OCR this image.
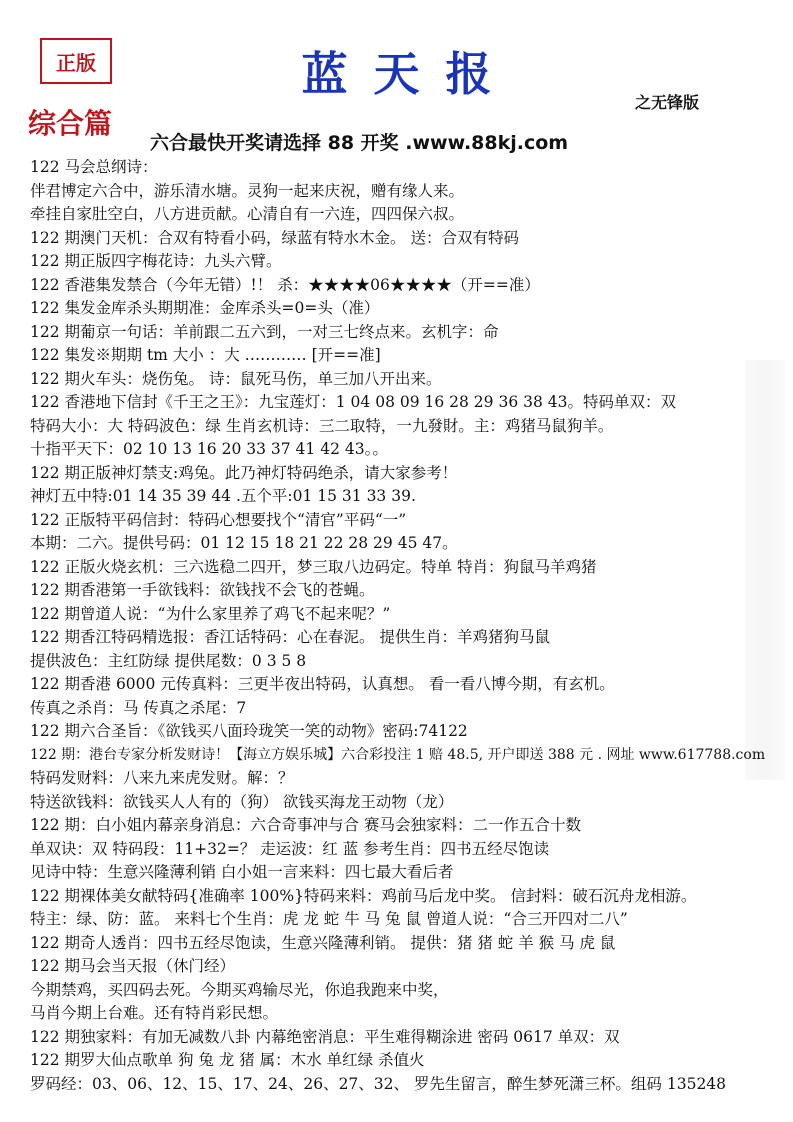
正版	蓝天报
之无锋版
综合篇
六合最快开奖请选择 88 开奖 .www.88kj.com
122 马会总纲诗：
伴君博定六合中，游乐清水塘。灵狗一起来庆祝，赠有缘人来。
牵挂自家肚空白，八方进贡献。心清自有一六连，四四保六叔。
122 期澳门天机：合双有特看小码，绿蓝有特水木金。 送：合双有特码
122 期正版四字梅花诗：九头六臂。
122 香港集发禁合（今年无错）!！ 杀：★★★★06★★★★（开==准）
122 集发金库杀头期期准：金库杀头=0=头（准）
122 期葡京一句话：羊前跟二五六到，一对三七终点来。玄机字：命
122 集发※期期 tm 大小 ：大 ………… [开==准]
122 期火车头：烧伤兔。 诗：鼠死马伤，单三加八开出来。
122 香港地下信封《千王之王》：九宝莲灯：1 04 08 09 16 28 29 36 38 43。特码单双：双
特码大小：大 特码波色：绿 生肖玄机诗：三二取特，一九發財。主：鸡猪马鼠狗羊。
十指平天下：02 10 13 16 20 33 37 41 42 43。。
122 期正版神灯禁支:鸡兔。此乃神灯特码绝杀，请大家参考！
神灯五中特:01 14 35 39 44 .五个平:01 15 31 33 39.
122 正版特平码信封：特码心想要找个“清官”平码“一”
本期：二六。提供号码：01 12 15 18 21 22 28 29 45 47。
122 正版火烧玄机：三六选稳二四开，梦三取八边码定。特单 特肖：狗鼠马羊鸡猪
122 期香港第一手欲钱料：欲钱找不会飞的苍蝇。
122 期曾道人说：“为什么家里养了鸡飞不起来呢？”
122 期香江特码精选报：香江话特码：心在春泥。 提供生肖：羊鸡猪狗马鼠
提供波色：主红防绿 提供尾数：0 3 5 8
122 期香港 6000 元传真料：三更半夜出特码，认真想。 看一看八博今期，有玄机。
传真之杀肖：马 传真之杀尾：7
122 期六合圣旨：《欲钱买八面玲珑笑一笑的动物》密码:74122
122 期：港台专家分析发财诗！【海立方娱乐城】六合彩投注 1 赔 48.5, 开户即送 388 元 . 网址 www.617788.com
特码发财料：八来九来虎发财。解：？
特送欲钱料：欲钱买人人有的（狗） 欲钱买海龙王动物（龙）
122 期：白小姐内幕亲身消息：六合奇事冲与合 赛马会独家料：二一作五合十数
单双诀：双 特码段：11+32=？ 走运波：红 蓝 参考生肖：四书五经尽饱读
见诗中特：生意兴隆薄利销 白小姐一言来料：四七最大看后者
122 期裸体美女献特码{准确率 100%}特码来料：鸡前马后龙中奖。 信封料：破石沉舟龙相游。
特主：绿、防：蓝。 来料七个生肖：虎 龙 蛇 牛 马 兔 鼠 曾道人说：“合三开四对二八”
122 期奇人透肖：四书五经尽饱读，生意兴隆薄利销。 提供：猪 猪 蛇 羊 猴 马 虎 鼠
122 期马会当天报（休门经）
今期禁鸡，买四码去死。今期买鸡输尽光，你追我跑来中奖，
马肖今期上台难。还有特肖彩民想。
122 期独家料：有加无减数八卦 内幕绝密消息：平生难得糊涂进 密码 0617 单双：双
122 期罗大仙点歌单 狗 兔 龙 猪 属：木水 单红绿 杀值火
罗码经：03、06、12、15、17、24、26、27、32、 罗先生留言，醉生梦死潇三杯。组码 135248
